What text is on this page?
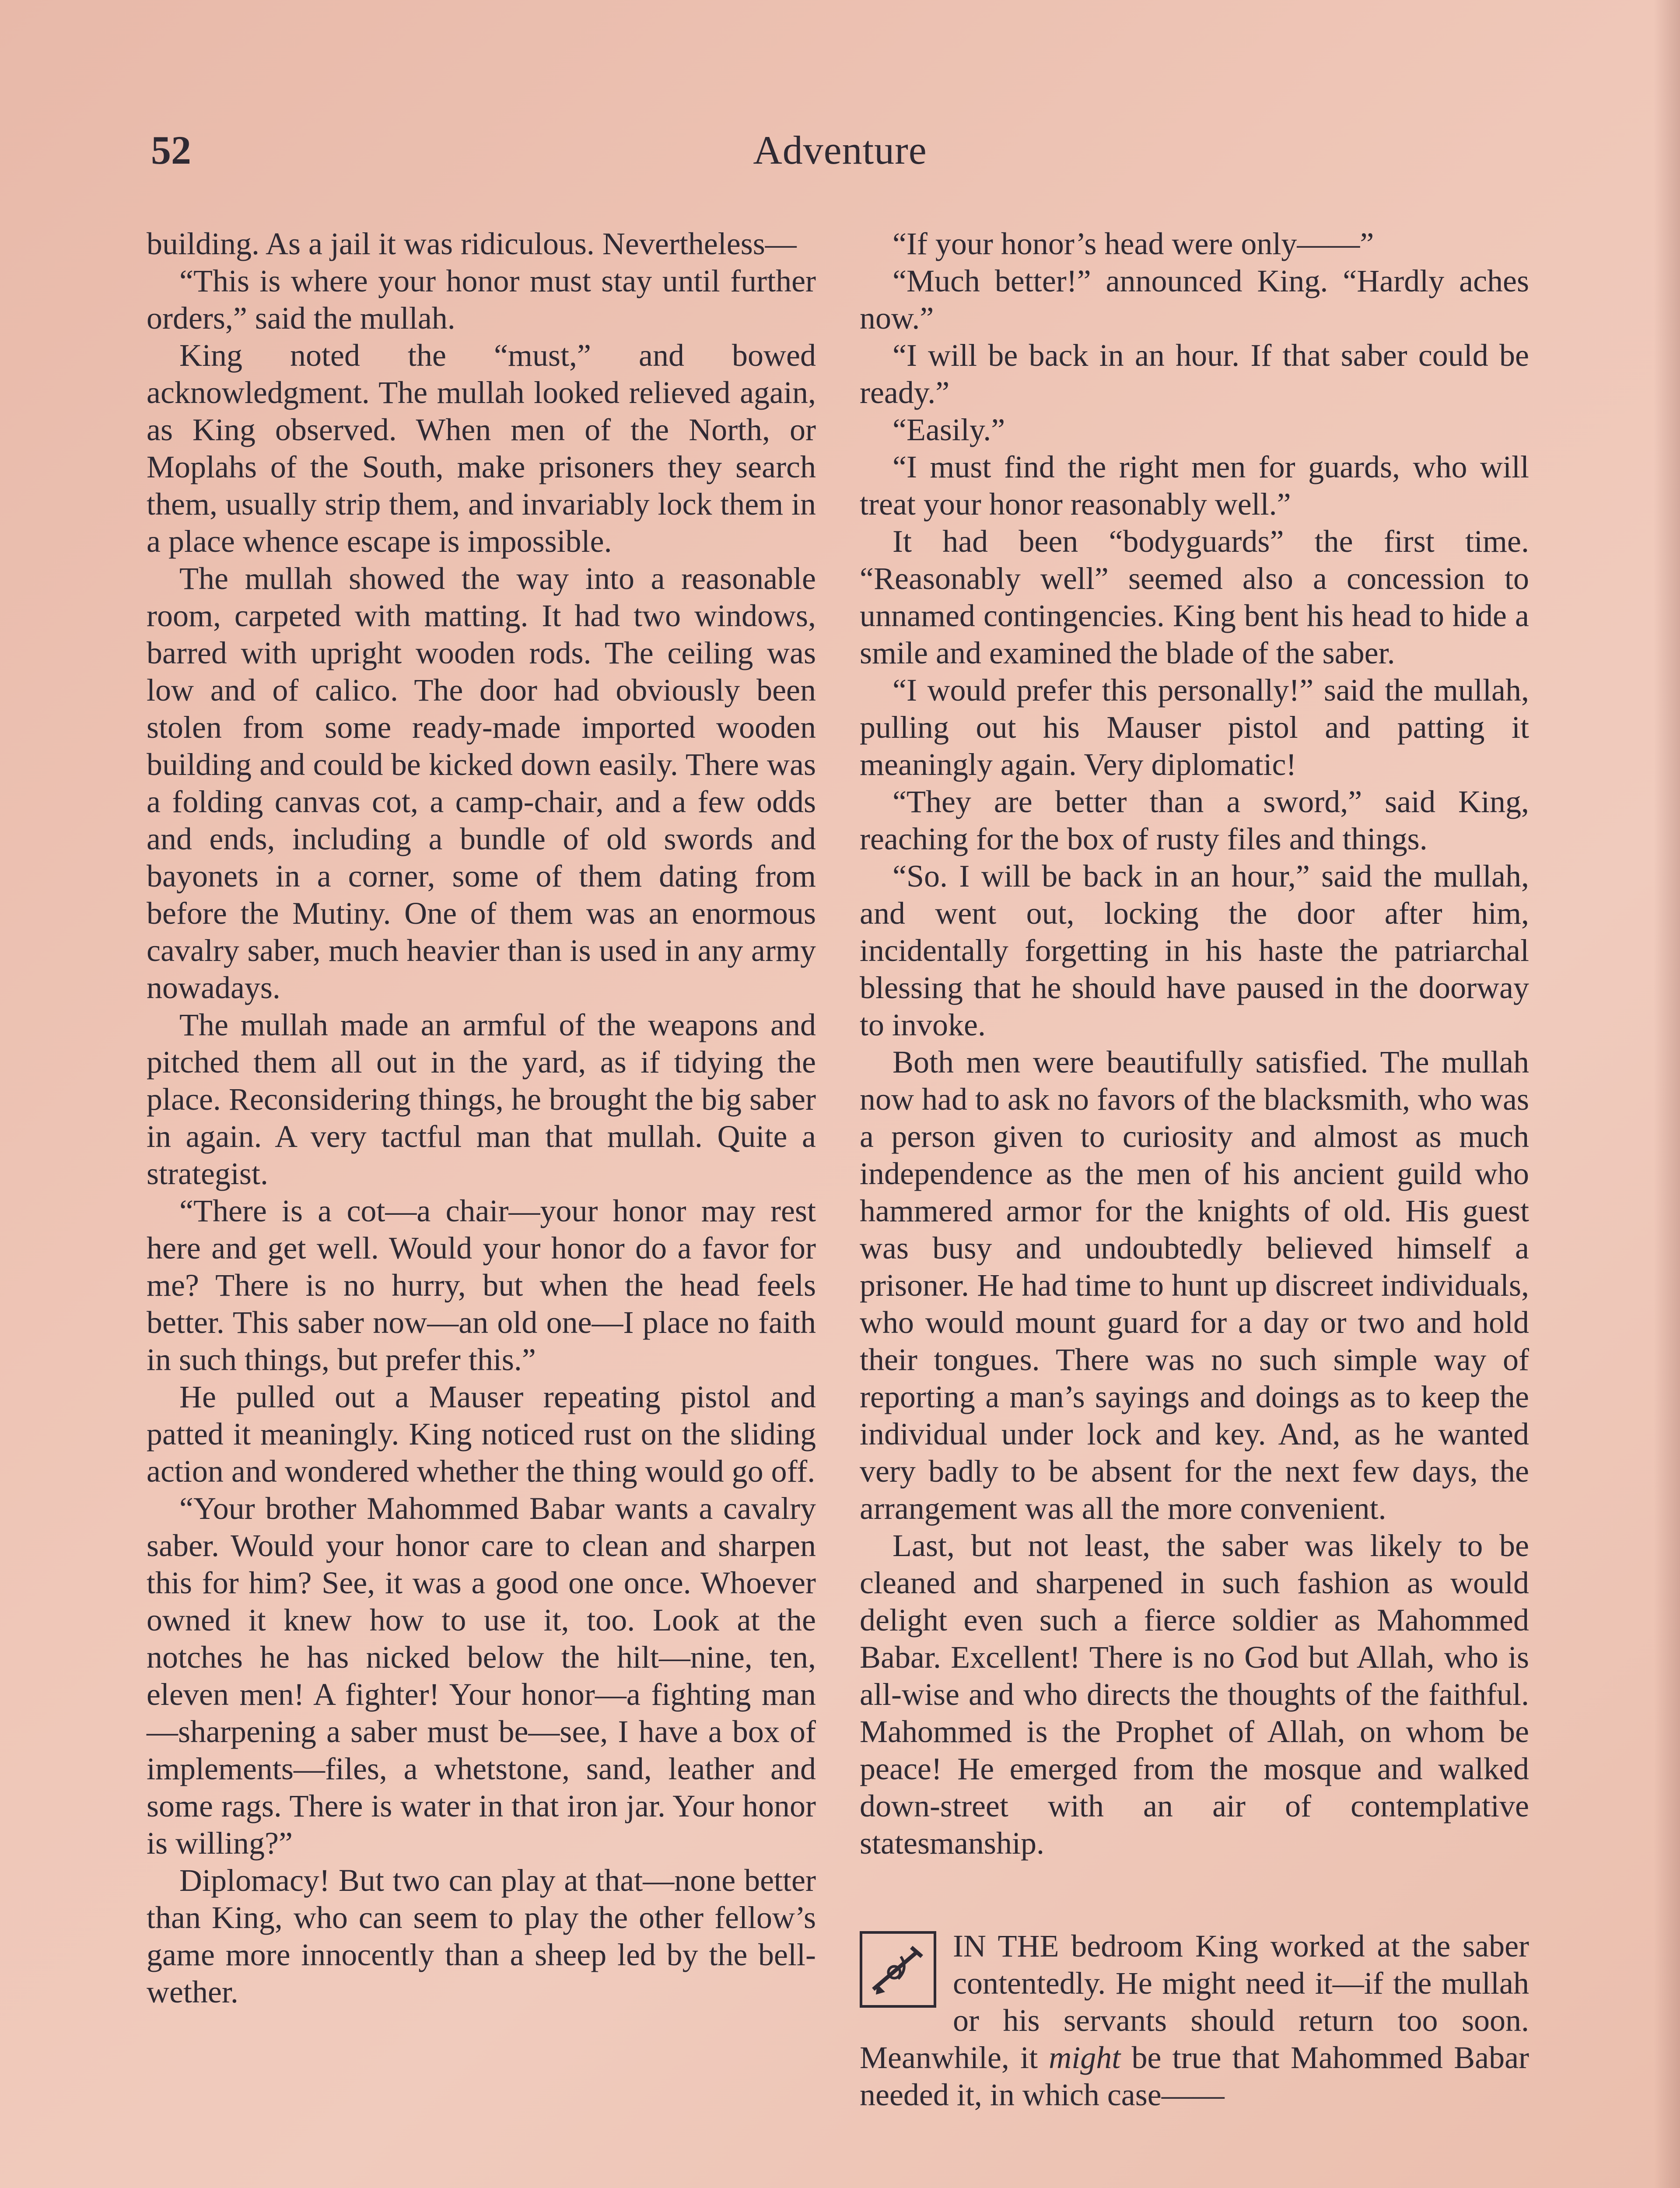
52	Adventure

building. As a jail it was ridiculous. Nevertheless—

“This is where your honor must stay until further orders,” said the mullah.

King noted the “must,” and bowed acknowledgment. The mullah looked relieved again, as King observed. When men of the North, or Moplahs of the South, make prisoners they search them, usually strip them, and invariably lock them in a place whence escape is impossible.

The mullah showed the way into a reasonable room, carpeted with matting. It had two windows, barred with upright wooden rods. The ceiling was low and of calico. The door had obviously been stolen from some ready-made imported wooden building and could be kicked down easily. There was a folding canvas cot, a camp-chair, and a few odds and ends, including a bundle of old swords and bayonets in a corner, some of them dating from before the Mutiny. One of them was an enormous cavalry saber, much heavier than is used in any army nowadays.

The mullah made an armful of the weapons and pitched them all out in the yard, as if tidying the place. Reconsidering things, he brought the big saber in again. A very tactful man that mullah. Quite a strategist.

“There is a cot—a chair—your honor may rest here and get well. Would your honor do a favor for me? There is no hurry, but when the head feels better. This saber now—an old one—I place no faith in such things, but prefer this.”

He pulled out a Mauser repeating pistol and patted it meaningly. King noticed rust on the sliding action and wondered whether the thing would go off.

“Your brother Mahommed Babar wants a cavalry saber. Would your honor care to clean and sharpen this for him? See, it was a good one once. Whoever owned it knew how to use it, too. Look at the notches he has nicked below the hilt—nine, ten, eleven men! A fighter! Your honor—a fighting man—sharpening a saber must be—see, I have a box of implements—files, a whetstone, sand, leather and some rags. There is water in that iron jar. Your honor is willing?”

Diplomacy! But two can play at that—none better than King, who can seem to play the other fellow’s game more innocently than a sheep led by the bell-wether.

“If your honor’s head were only——”

“Much better!” announced King. “Hardly aches now.”

“I will be back in an hour. If that saber could be ready.”

“Easily.”

“I must find the right men for guards, who will treat your honor reasonably well.”

It had been “bodyguards” the first time. “Reasonably well” seemed also a concession to unnamed contingencies. King bent his head to hide a smile and examined the blade of the saber.

“I would prefer this personally!” said the mullah, pulling out his Mauser pistol and patting it meaningly again. Very diplomatic!

“They are better than a sword,” said King, reaching for the box of rusty files and things.

“So. I will be back in an hour,” said the mullah, and went out, locking the door after him, incidentally forgetting in his haste the patriarchal blessing that he should have paused in the doorway to invoke.

Both men were beautifully satisfied. The mullah now had to ask no favors of the blacksmith, who was a person given to curiosity and almost as much independence as the men of his ancient guild who hammered armor for the knights of old. His guest was busy and undoubtedly believed himself a prisoner. He had time to hunt up discreet individuals, who would mount guard for a day or two and hold their tongues. There was no such simple way of reporting a man’s sayings and doings as to keep the individual under lock and key. And, as he wanted very badly to be absent for the next few days, the arrangement was all the more convenient.

Last, but not least, the saber was likely to be cleaned and sharpened in such fashion as would delight even such a fierce soldier as Mahommed Babar. Excellent! There is no God but Allah, who is all-wise and who directs the thoughts of the faithful. Mahommed is the Prophet of Allah, on whom be peace! He emerged from the mosque and walked down-street with an air of contemplative statesmanship.

IN THE bedroom King worked at the saber contentedly. He might need it—if the mullah or his servants should return too soon. Meanwhile, it might be true that Mahommed Babar needed it, in which case——
